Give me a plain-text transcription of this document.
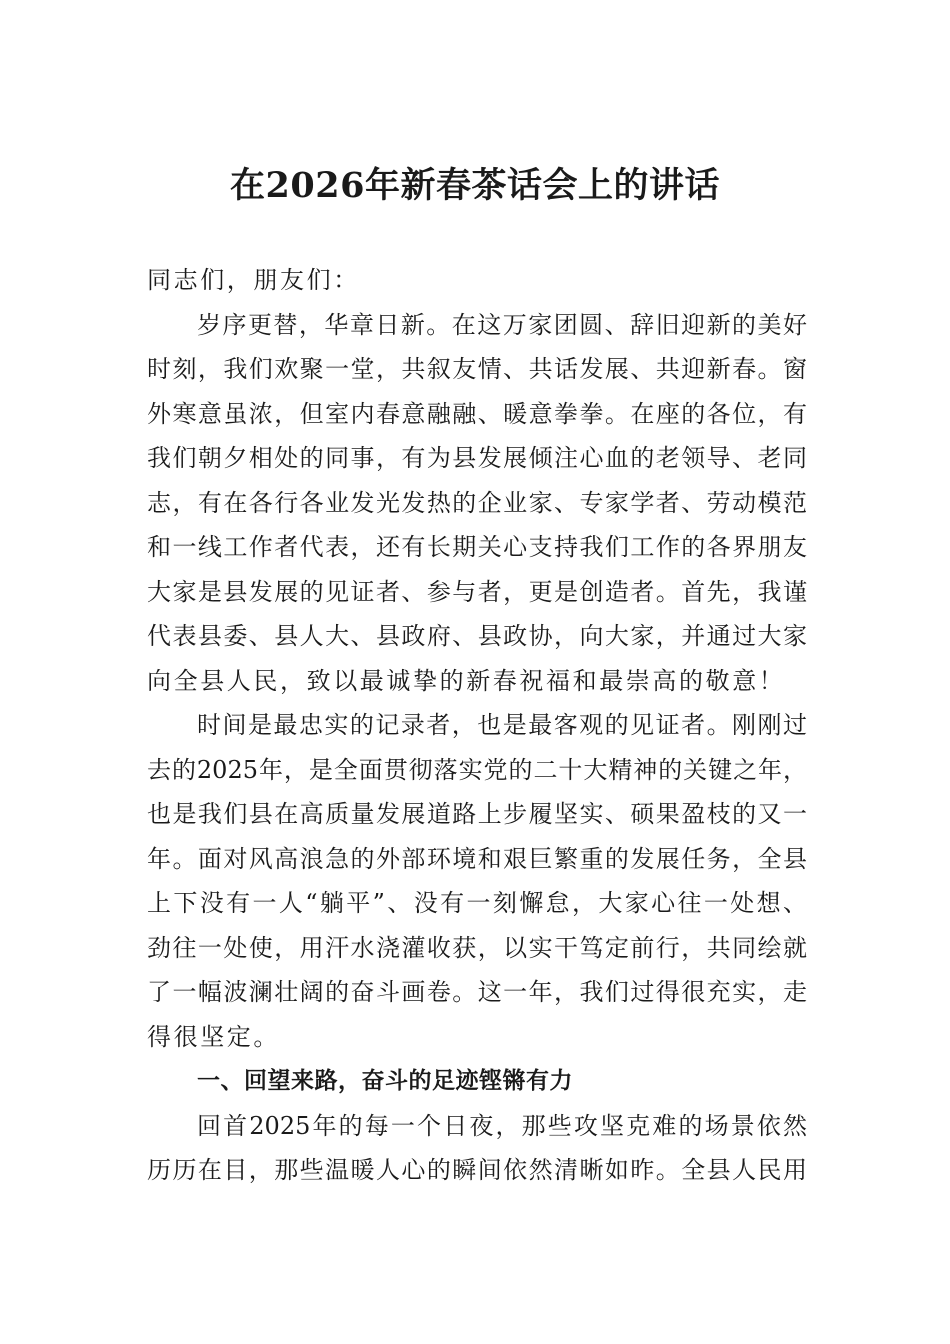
在2026年新春茶话会上的讲话
同志们，朋友们：
岁序更替，华章日新。在这万家团圆、辞旧迎新的美好
时刻，我们欢聚一堂，共叙友情、共话发展、共迎新春。窗
外寒意虽浓，但室内春意融融、暖意拳拳。在座的各位，有
我们朝夕相处的同事，有为县发展倾注心血的老领导、老同
志，有在各行各业发光发热的企业家、专家学者、劳动模范
和一线工作者代表，还有长期关心支持我们工作的各界朋友
大家是县发展的见证者、参与者，更是创造者。首先，我谨
代表县委、县人大、县政府、县政协，向大家，并通过大家
向全县人民，致以最诚挚的新春祝福和最崇高的敬意！
时间是最忠实的记录者，也是最客观的见证者。刚刚过
去的2025年，是全面贯彻落实党的二十大精神的关键之年，
也是我们县在高质量发展道路上步履坚实、硕果盈枝的又一
年。面对风高浪急的外部环境和艰巨繁重的发展任务，全县
上下没有一人“躺平”、没有一刻懈怠，大家心往一处想、
劲往一处使，用汗水浇灌收获，以实干笃定前行，共同绘就
了一幅波澜壮阔的奋斗画卷。这一年，我们过得很充实，走
得很坚定。
一、回望来路，奋斗的足迹铿锵有力
回首2025年的每一个日夜，那些攻坚克难的场景依然
历历在目，那些温暖人心的瞬间依然清晰如昨。全县人民用
